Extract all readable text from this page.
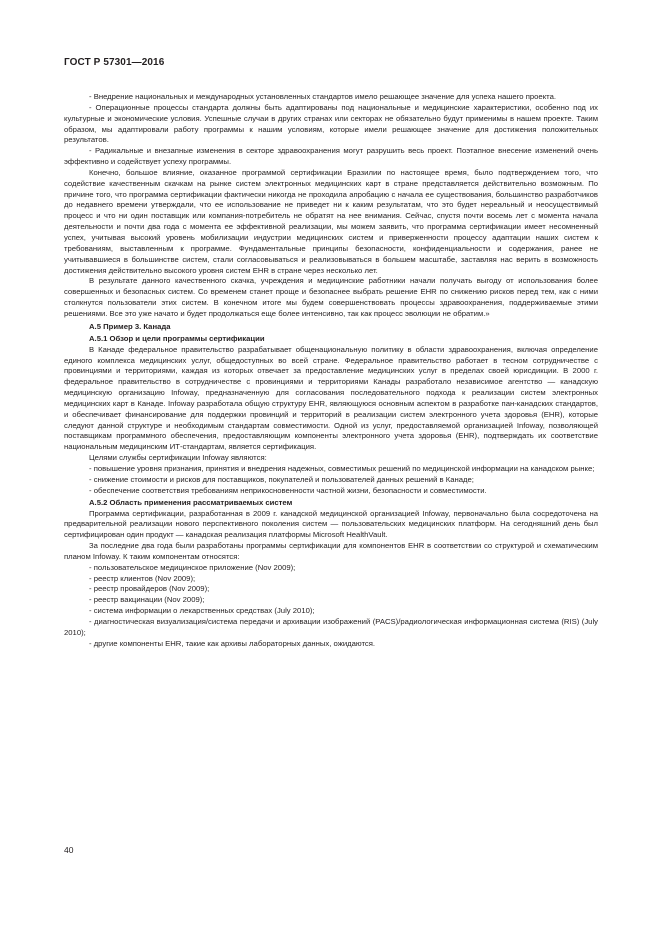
ГОСТ Р 57301—2016

- Внедрение национальных и международных установленных стандартов имело решающее значение для успеха нашего проекта.

- Операционные процессы стандарта должны быть адаптированы под национальные и медицинские характеристики, особенно под их культурные и экономические условия. Успешные случаи в других странах или секторах не обязательно будут применимы в нашем проекте. Таким образом, мы адаптировали работу программы к нашим условиям, которые имели решающее значение для достижения положительных результатов.

- Радикальные и внезапные изменения в секторе здравоохранения могут разрушить весь проект. Поэтапное внесение изменений очень эффективно и содействует успеху программы.

Конечно, большое влияние, оказанное программой сертификации Бразилии по настоящее время, было подтверждением того, что содействие качественным скачкам на рынке систем электронных медицинских карт в стране представляется действительно возможным. По причине того, что программа сертификации фактически никогда не проходила апробацию с начала ее существования, большинство разработчиков до недавнего времени утверждали, что ее использование не приведет ни к каким результатам, что это будет нереальный и неосуществимый процесс и что ни один поставщик или компания-потребитель не обратят на нее внимания. Сейчас, спустя почти восемь лет с момента начала деятельности и почти два года с момента ее эффективной реализации, мы можем заявить, что программа сертификации имеет несомненный успех, учитывая высокий уровень мобилизации индустрии медицинских систем и приверженности процессу адаптации наших систем к требованиям, выставленным к программе. Фундаментальные принципы безопасности, конфиденциальности и содержания, ранее не учитывавшиеся в большинстве систем, стали согласовываться и реализовываться в большем масштабе, заставляя нас верить в возможность достижения действительно высокого уровня систем EHR в стране через несколько лет.

В результате данного качественного скачка, учреждения и медицинские работники начали получать выгоду от использования более совершенных и безопасных систем. Со временем станет проще и безопаснее выбрать решение EHR по снижению рисков перед тем, как с ними столкнутся пользователи этих систем. В конечном итоге мы будем совершенствовать процессы здравоохранения, поддерживаемые этими решениями. Все это уже начато и будет продолжаться еще более интенсивно, так как процесс эволюции не обратим.»

А.5 Пример 3. Канада
А.5.1 Обзор и цели программы сертификации

В Канаде федеральное правительство разрабатывает общенациональную политику в области здравоохранения, включая определение единого комплекса медицинских услуг, общедоступных во всей стране. Федеральное правительство работает в тесном сотрудничестве с провинциями и территориями, каждая из которых отвечает за предоставление медицинских услуг в пределах своей юрисдикции. В 2000 г. федеральное правительство в сотрудничестве с провинциями и территориями Канады разработало независимое агентство — канадскую медицинскую организацию Infoway, предназначенную для согласования последовательного подхода к реализации систем электронных медицинских карт в Канаде. Infoway разработала общую структуру EHR, являющуюся основным аспектом в разработке пан-канадских стандартов, и обеспечивает финансирование для поддержки провинций и территорий в реализации систем электронного учета здоровья (EHR), которые следуют данной структуре и необходимым стандартам совместимости. Одной из услуг, предоставляемой организацией Infoway, позволяющей поставщикам программного обеспечения, предоставляющим компоненты электронного учета здоровья (EHR), подтверждать их соответствие национальным медицинским ИТ-стандартам, является сертификация.

Целями службы сертификации Infoway являются:

- повышение уровня признания, принятия и внедрения надежных, совместимых решений по медицинской информации на канадском рынке;

- снижение стоимости и рисков для поставщиков, покупателей и пользователей данных решений в Канаде;

- обеспечение соответствия требованиям неприкосновенности частной жизни, безопасности и совместимости.

А.5.2 Область применения рассматриваемых систем

Программа сертификации, разработанная в 2009 г. канадской медицинской организацией Infoway, первоначально была сосредоточена на предварительной реализации нового перспективного поколения систем — пользовательских медицинских платформ. На сегодняшний день был сертифицирован один продукт — канадская реализация платформы Microsoft HealthVault.

За последние два года были разработаны программы сертификации для компонентов EHR в соответствии со структурой и схематическим планом Infoway. К таким компонентам относятся:

- пользовательское медицинское приложение (Nov 2009);

- реестр клиентов (Nov 2009);

- реестр провайдеров (Nov 2009);

- реестр вакцинации (Nov 2009);

- система информации о лекарственных средствах (July 2010);

- диагностическая визуализация/система передачи и архивации изображений (PACS)/радиологическая информационная система (RIS) (July 2010);

- другие компоненты EHR, такие как архивы лабораторных данных, ожидаются.

40
